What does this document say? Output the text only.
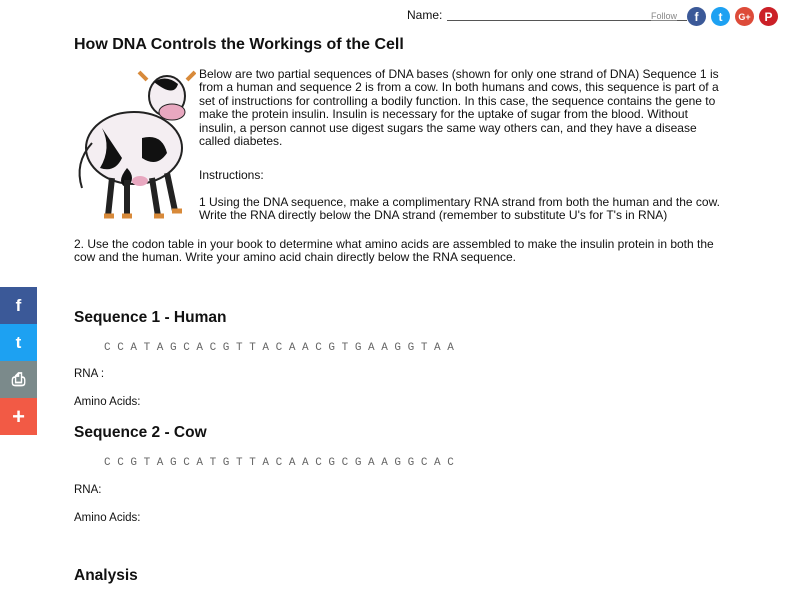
Name:	Follow	f	t	G+	P
How DNA Controls the Workings of the Cell
Below are two partial sequences of DNA bases (shown for only one strand of DNA) Sequence 1 is from a human and sequence 2 is from a cow. In both humans and cows, this sequence is part of a set of instructions for controlling a bodily function. In this case, the sequence contains the gene to make the protein insulin. Insulin is necessary for the uptake of sugar from the blood. Without insulin, a person cannot use digest sugars the same way others can, and they have a disease called diabetes.
Instructions:
1 Using the DNA sequence, make a complimentary RNA strand from both the human and the cow. Write the RNA directly below the DNA strand (remember to substitute U's for T's in RNA)
2. Use the codon table in your book to determine what amino acids are assembled to make the insulin protein in both the cow and the human. Write your amino acid chain directly below the RNA sequence.
Sequence 1 - Human
CCATAGCACGTTACAACGTGAAGGTAA
RNA :
Amino Acids:
Sequence 2 - Cow
CCGTAGCATGTTACAACGCGAAGGCAC
RNA:
Amino Acids:
Analysis
f
t
⎙
+
